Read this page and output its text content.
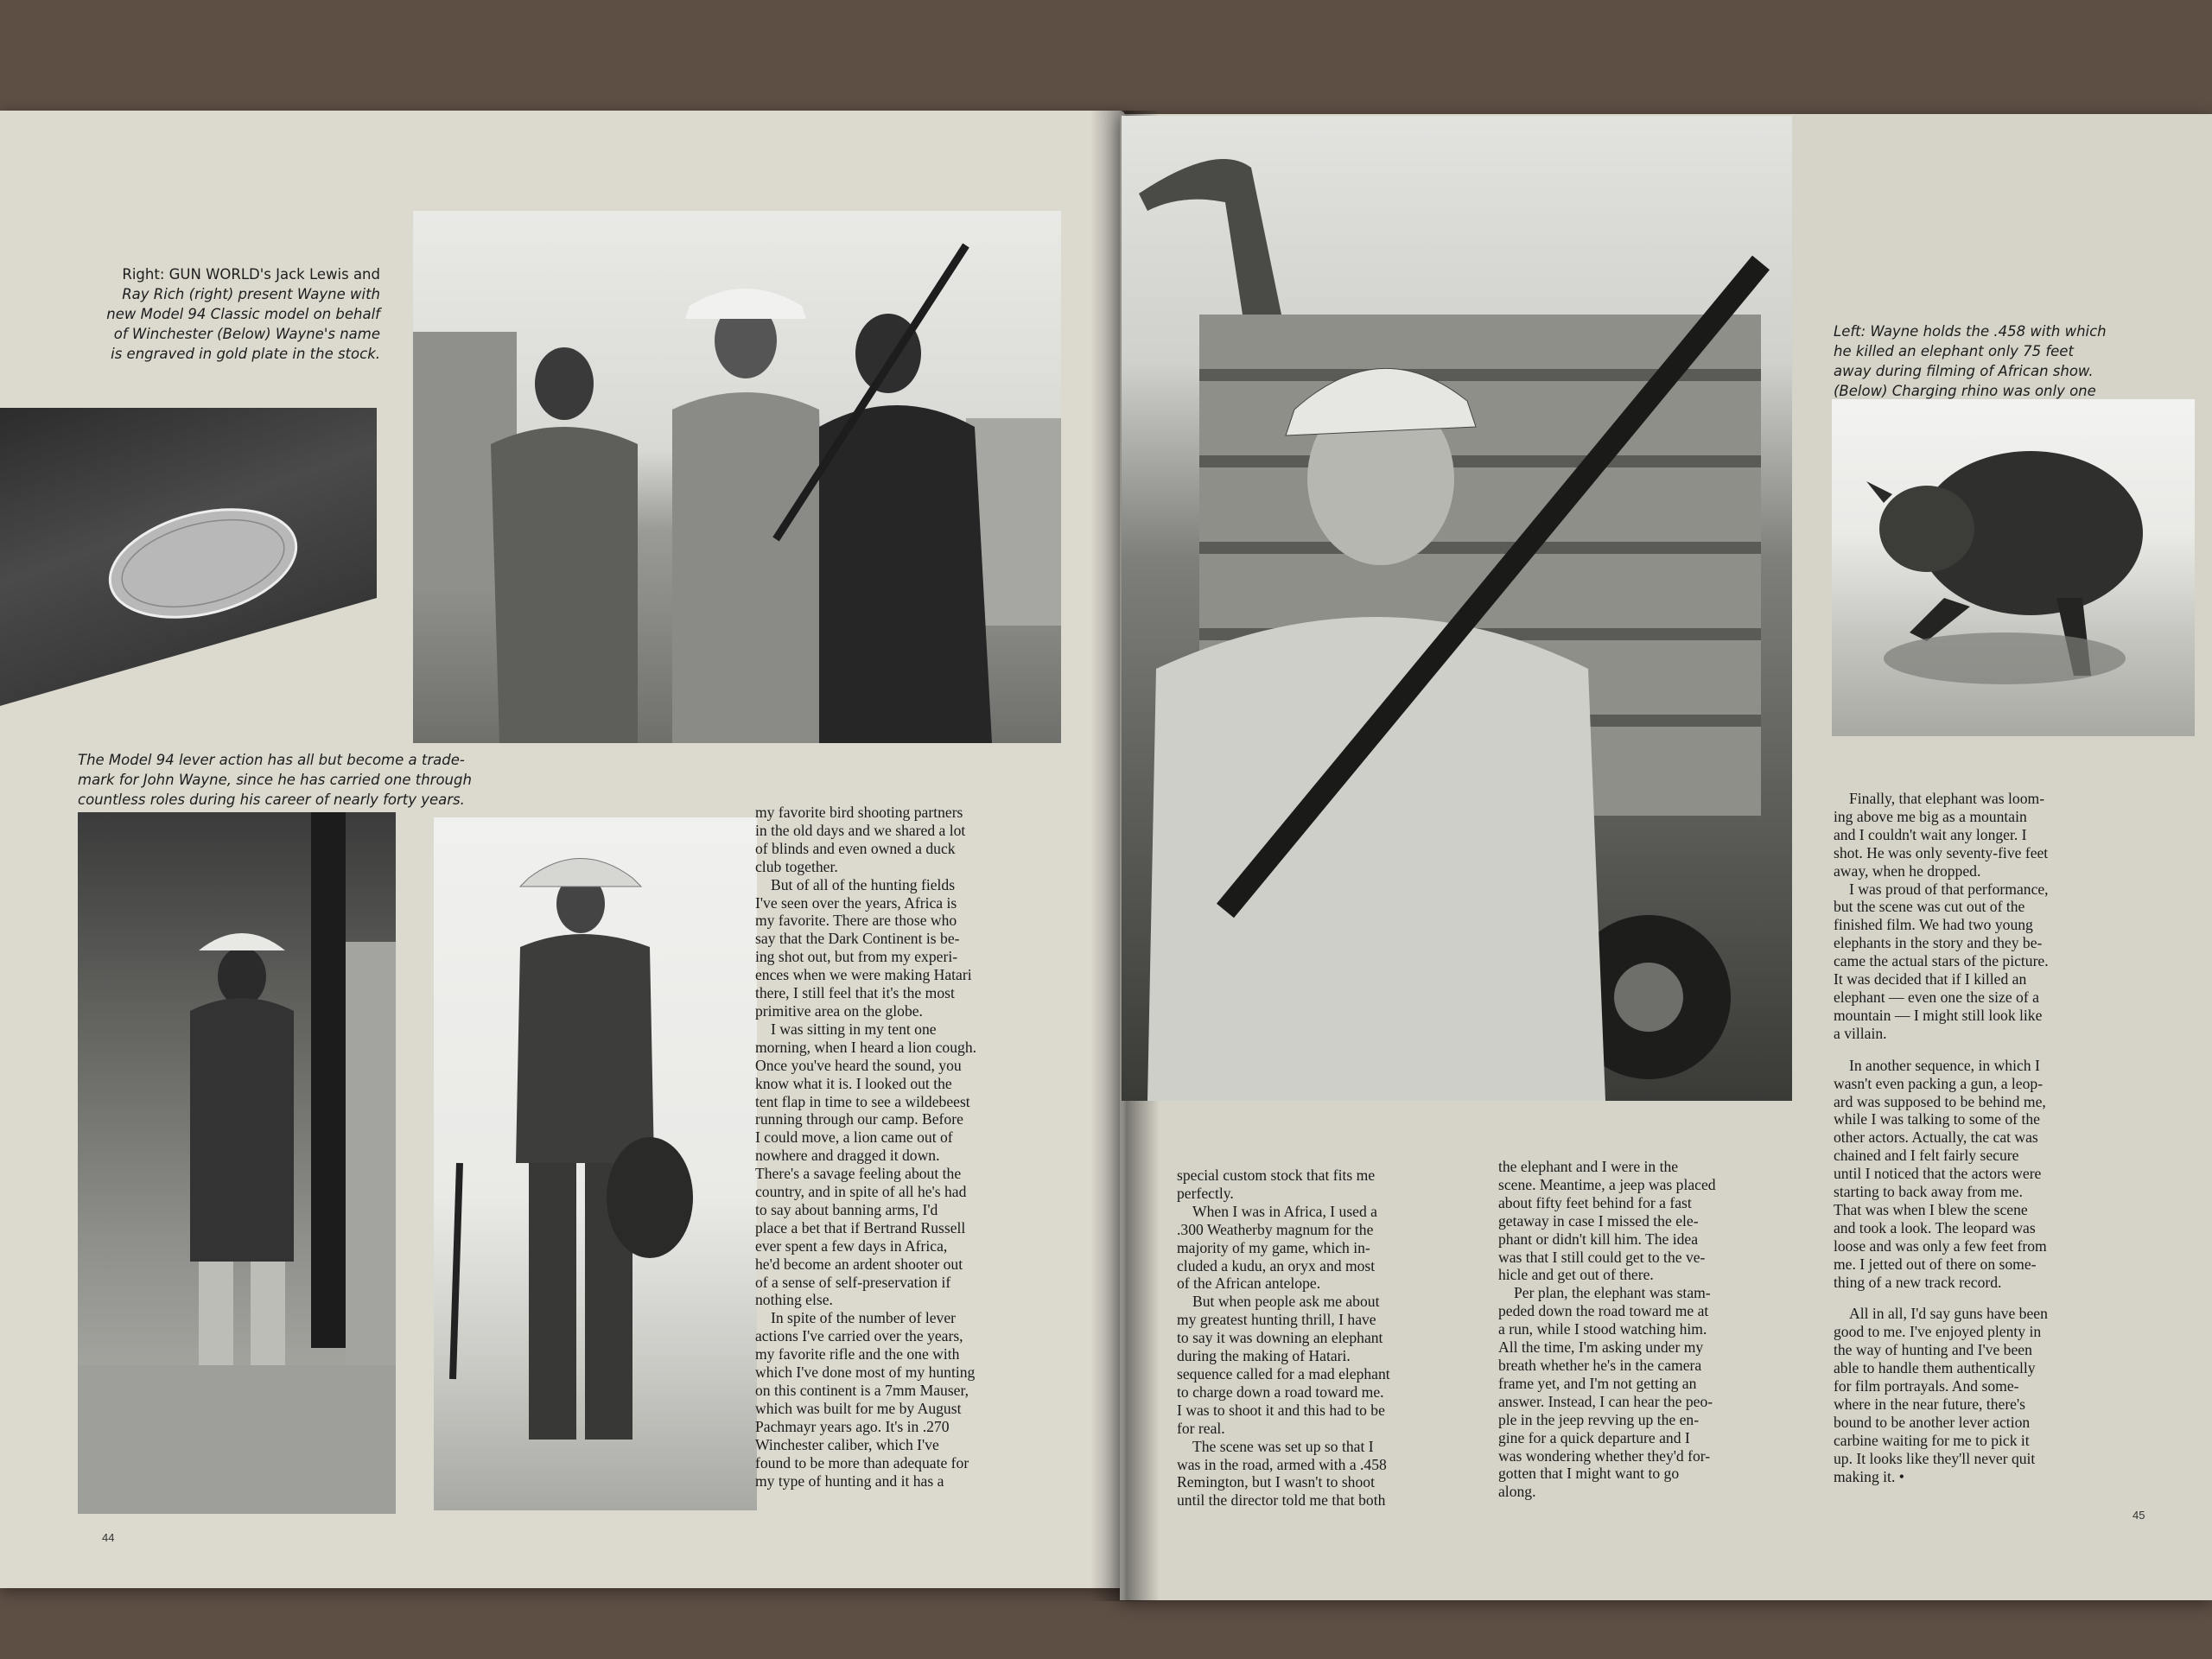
Right: GUN WORLD's Jack Lewis and
Ray Rich (right) present Wayne with
new Model 94 Classic model on behalf
of Winchester (Below) Wayne's name
is engraved in gold plate in the stock.
The Model 94 lever action has all but become a trade-
mark for John Wayne, since he has carried one through
countless roles during his career of nearly forty years.
my favorite bird shooting partners
in the old days and we shared a lot
of blinds and even owned a duck
club together.
But of all of the hunting fields
I've seen over the years, Africa is
my favorite. There are those who
say that the Dark Continent is be-
ing shot out, but from my experi-
ences when we were making Hatari
there, I still feel that it's the most
primitive area on the globe.
I was sitting in my tent one
morning, when I heard a lion cough.
Once you've heard the sound, you
know what it is. I looked out the
tent flap in time to see a wildebeest
running through our camp. Before
I could move, a lion came out of
nowhere and dragged it down.
There's a savage feeling about the
country, and in spite of all he's had
to say about banning arms, I'd
place a bet that if Bertrand Russell
ever spent a few days in Africa,
he'd become an ardent shooter out
of a sense of self-preservation if
nothing else.
In spite of the number of lever
actions I've carried over the years,
my favorite rifle and the one with
which I've done most of my hunting
on this continent is a 7mm Mauser,
which was built for me by August
Pachmayr years ago. It's in .270
Winchester caliber, which I've
found to be more than adequate for
my type of hunting and it has a
44
Left: Wayne holds the .458 with which
he killed an elephant only 75 feet
away during filming of African show.
(Below) Charging rhino was only one
special custom stock that fits me
perfectly.
When I was in Africa, I used a
.300 Weatherby magnum for the
majority of my game, which in-
cluded a kudu, an oryx and most
of the African antelope.
But when people ask me about
my greatest hunting thrill, I have
to say it was downing an elephant
during the making of Hatari.
sequence called for a mad elephant
to charge down a road toward me.
I was to shoot it and this had to be
for real.
The scene was set up so that I
was in the road, armed with a .458
Remington, but I wasn't to shoot
until the director told me that both
the elephant and I were in the
scene. Meantime, a jeep was placed
about fifty feet behind for a fast
getaway in case I missed the ele-
phant or didn't kill him. The idea
was that I still could get to the ve-
hicle and get out of there.
Per plan, the elephant was stam-
peded down the road toward me at
a run, while I stood watching him.
All the time, I'm asking under my
breath whether he's in the camera
frame yet, and I'm not getting an
answer. Instead, I can hear the peo-
ple in the jeep revving up the en-
gine for a quick departure and I
was wondering whether they'd for-
gotten that I might want to go
along.
Finally, that elephant was loom-
ing above me big as a mountain
and I couldn't wait any longer. I
shot. He was only seventy-five feet
away, when he dropped.
I was proud of that performance,
but the scene was cut out of the
finished film. We had two young
elephants in the story and they be-
came the actual stars of the picture.
It was decided that if I killed an
elephant — even one the size of a
mountain — I might still look like
a villain.
In another sequence, in which I
wasn't even packing a gun, a leop-
ard was supposed to be behind me,
while I was talking to some of the
other actors. Actually, the cat was
chained and I felt fairly secure
until I noticed that the actors were
starting to back away from me.
That was when I blew the scene
and took a look. The leopard was
loose and was only a few feet from
me. I jetted out of there on some-
thing of a new track record.
All in all, I'd say guns have been
good to me. I've enjoyed plenty in
the way of hunting and I've been
able to handle them authentically
for film portrayals. And some-
where in the near future, there's
bound to be another lever action
carbine waiting for me to pick it
up. It looks like they'll never quit
making it. •
45
